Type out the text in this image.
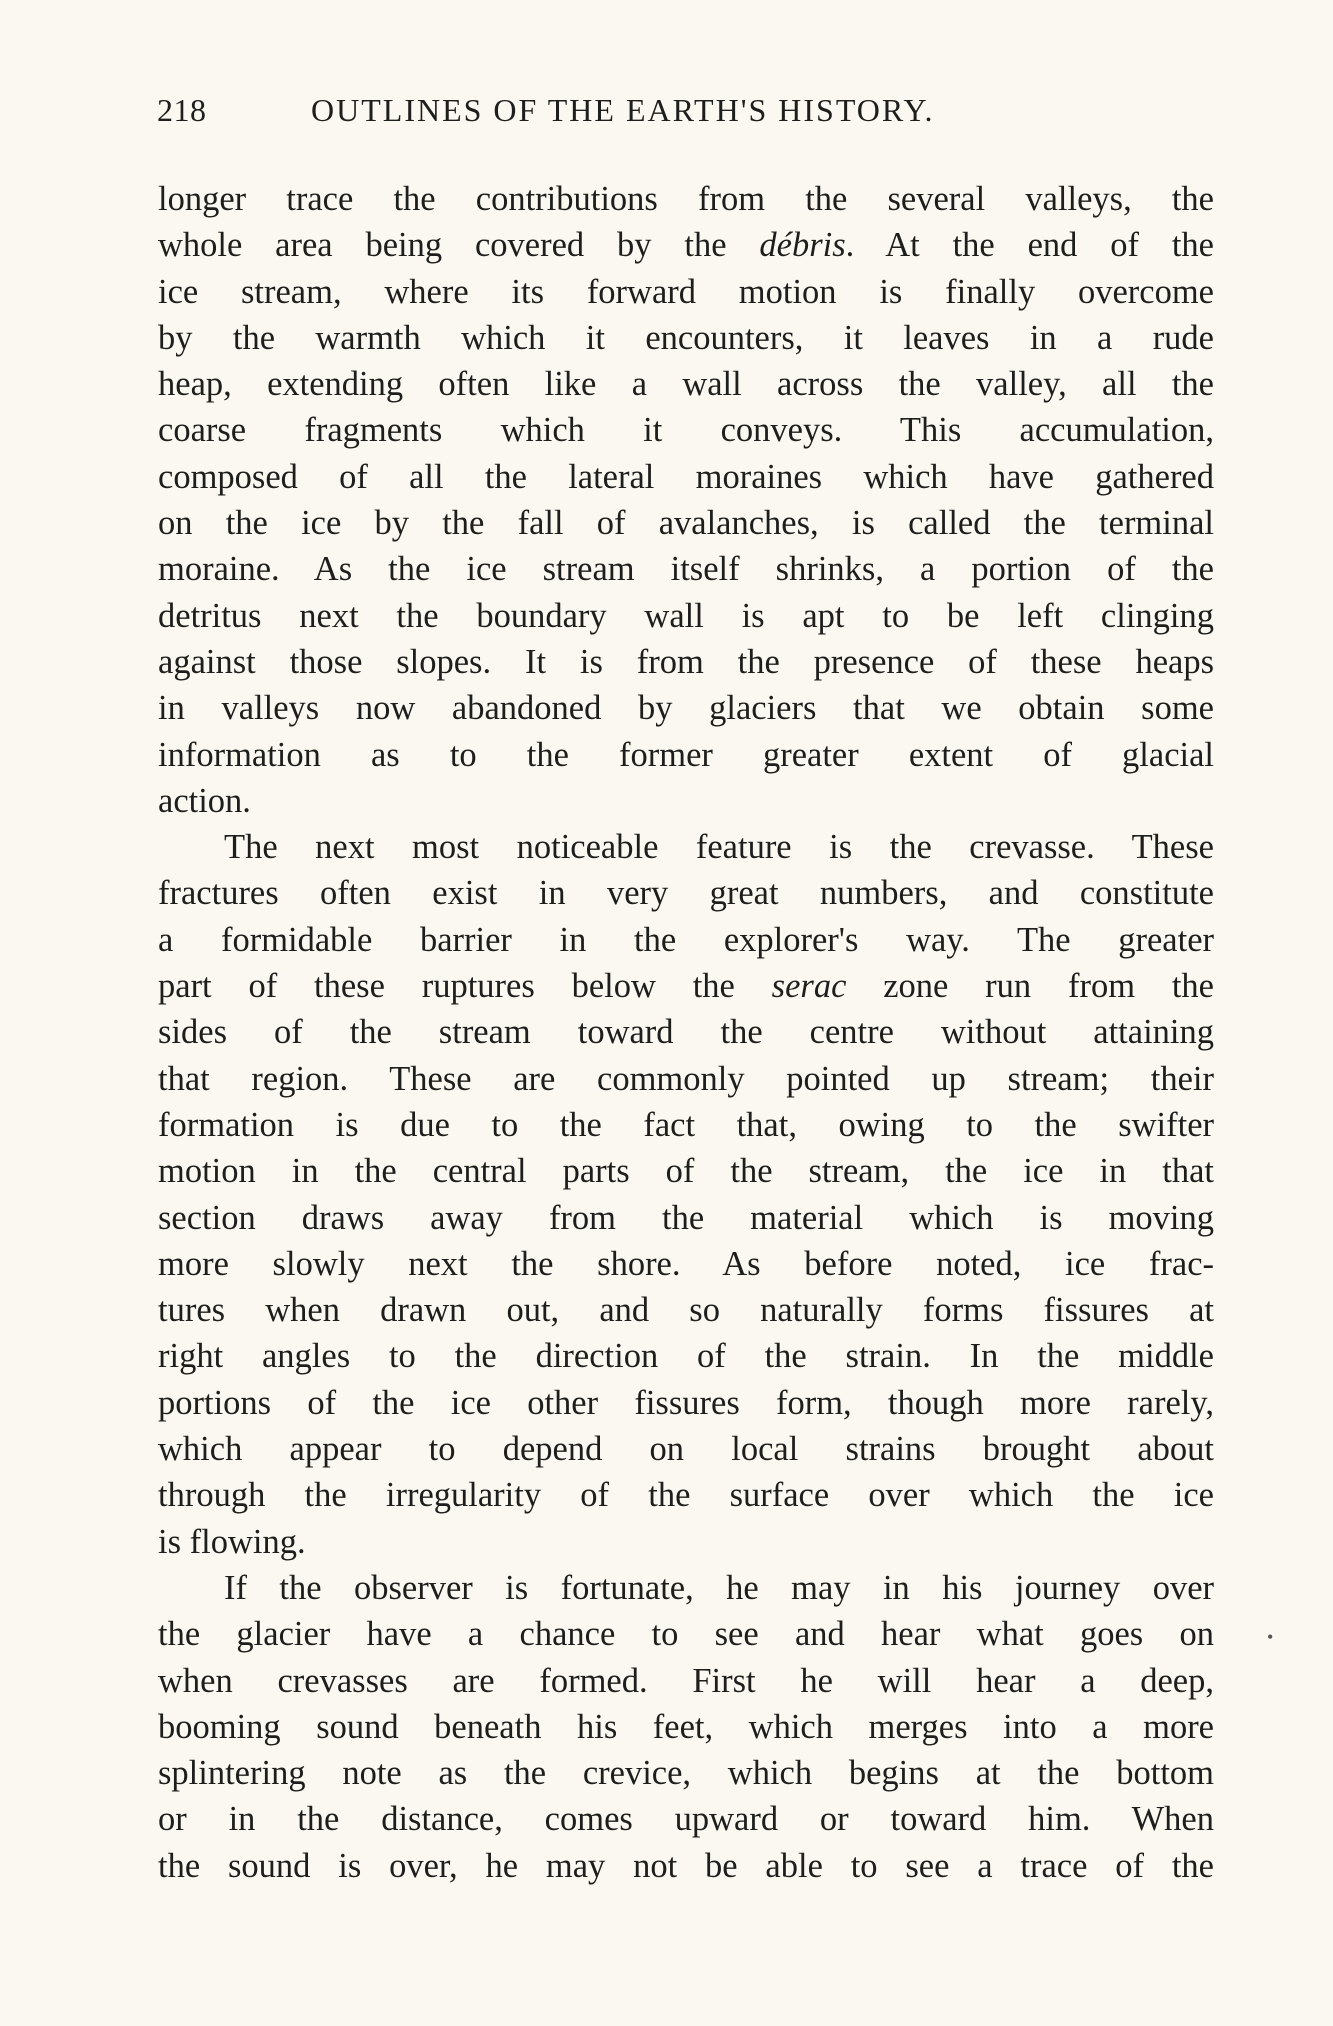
218	OUTLINES OF THE EARTH'S HISTORY.
longer trace the contributions from the several valleys, the
whole area being covered by the débris. At the end of the
ice stream, where its forward motion is finally overcome
by the warmth which it encounters, it leaves in a rude
heap, extending often like a wall across the valley, all the
coarse fragments which it conveys. This accumulation,
composed of all the lateral moraines which have gathered
on the ice by the fall of avalanches, is called the terminal
moraine. As the ice stream itself shrinks, a portion of the
detritus next the boundary wall is apt to be left clinging
against those slopes. It is from the presence of these heaps
in valleys now abandoned by glaciers that we obtain some
information as to the former greater extent of glacial
action.
The next most noticeable feature is the crevasse. These
fractures often exist in very great numbers, and constitute
a formidable barrier in the explorer's way. The greater
part of these ruptures below the serac zone run from the
sides of the stream toward the centre without attaining
that region. These are commonly pointed up stream; their
formation is due to the fact that, owing to the swifter
motion in the central parts of the stream, the ice in that
section draws away from the material which is moving
more slowly next the shore. As before noted, ice frac-
tures when drawn out, and so naturally forms fissures at
right angles to the direction of the strain. In the middle
portions of the ice other fissures form, though more rarely,
which appear to depend on local strains brought about
through the irregularity of the surface over which the ice
is flowing.
If the observer is fortunate, he may in his journey over
the glacier have a chance to see and hear what goes on
when crevasses are formed. First he will hear a deep,
booming sound beneath his feet, which merges into a more
splintering note as the crevice, which begins at the bottom
or in the distance, comes upward or toward him. When
the sound is over, he may not be able to see a trace of the
•
